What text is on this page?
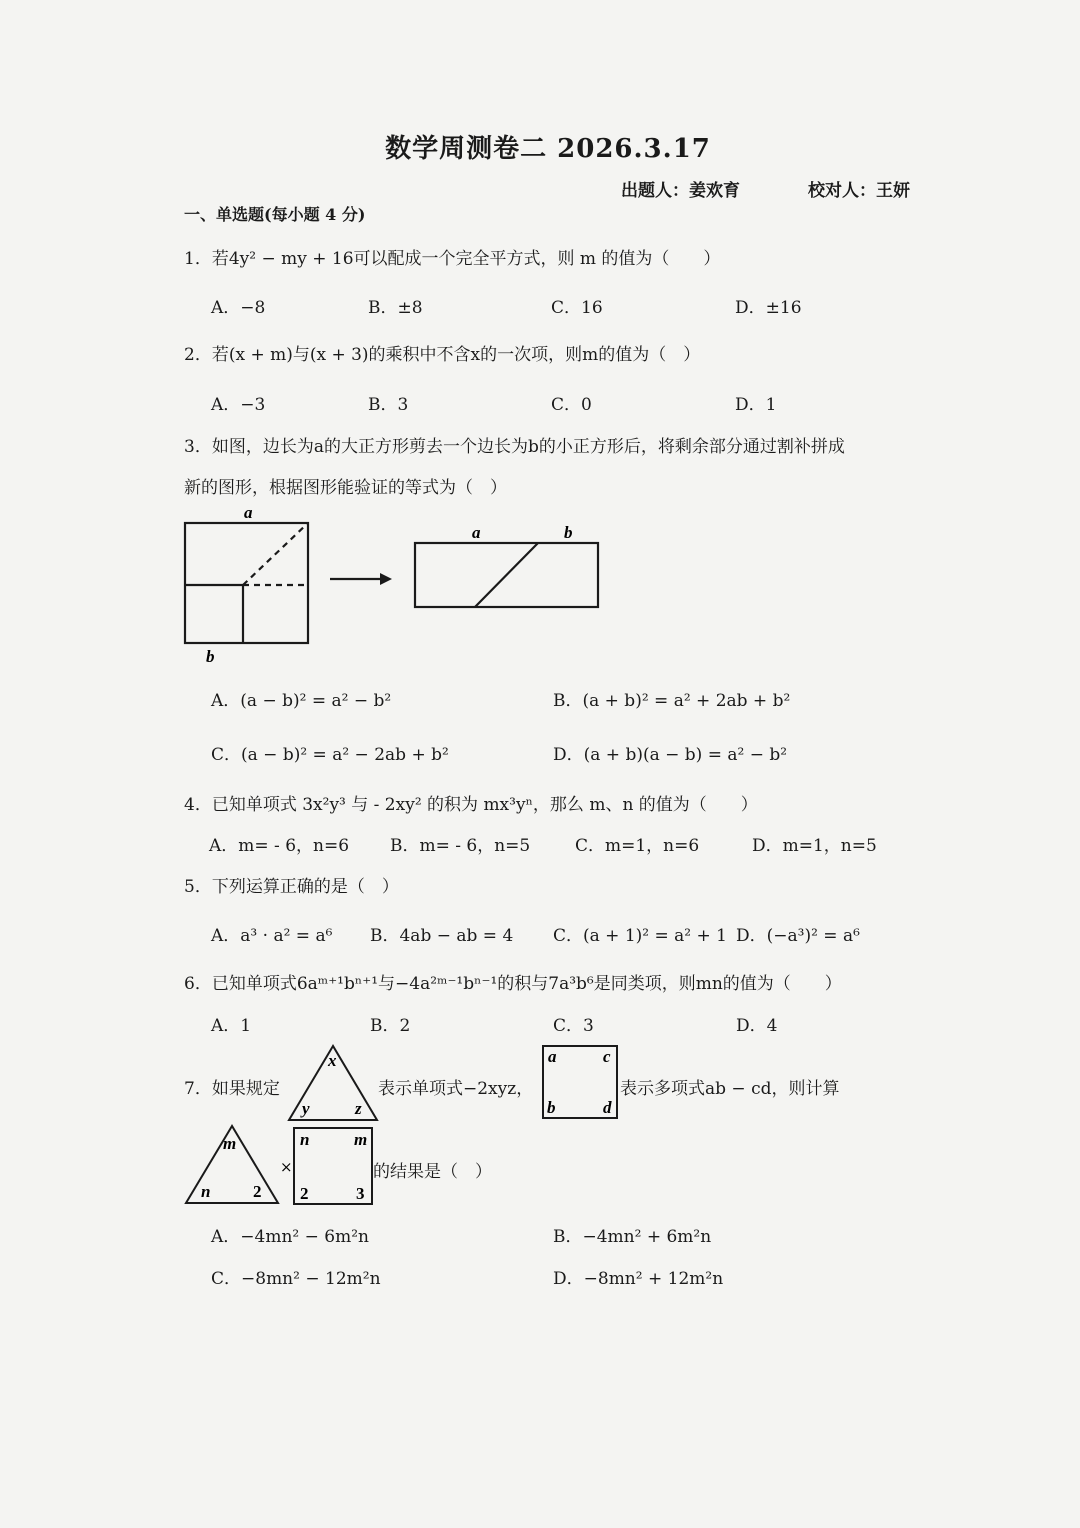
数学周测卷二 2026.3.17
出题人：姜欢育	校对人：王妍
一、单选题(每小题 4 分)
1．若4y² − my + 16可以配成一个完全平方式，则 m 的值为（　　）
A．−8	B．±8	C．16	D．±16
2．若(x + m)与(x + 3)的乘积中不含x的一次项，则m的值为（　）
A．−3	B．3	C．0	D．1
3．如图，边长为a的大正方形剪去一个边长为b的小正方形后，将剩余部分通过割补拼成
新的图形，根据图形能验证的等式为（　）
a
b
a	b
A．(a − b)² = a² − b²	B．(a + b)² = a² + 2ab + b²
C．(a − b)² = a² − 2ab + b²	D．(a + b)(a − b) = a² − b²
4．已知单项式 3x²y³ 与 - 2xy² 的积为 mx³yⁿ，那么 m、n 的值为（　　）
A．m= - 6，n=6 B．m= - 6，n=5	C．m=1，n=6	D．m=1，n=5
5．下列运算正确的是（　）
A．a³ · a² = a⁶ B．4ab − ab = 4 C．(a + 1)² = a² + 1 D．(−a³)² = a⁶
6．已知单项式6aᵐ⁺¹bⁿ⁺¹与−4a²ᵐ⁻¹bⁿ⁻¹的积与7a³b⁶是同类项，则mn的值为（　　）
A．1	B．2	C．3	D．4
7．如果规定	表示单项式−2xyz，	表示多项式ab − cd，则计算
的结果是（　）
x
y	z
a	c
b	d
m
n	2
n	m
2	3
×
A．−4mn² − 6m²n	B．−4mn² + 6m²n
C．−8mn² − 12m²n	D．−8mn² + 12m²n
